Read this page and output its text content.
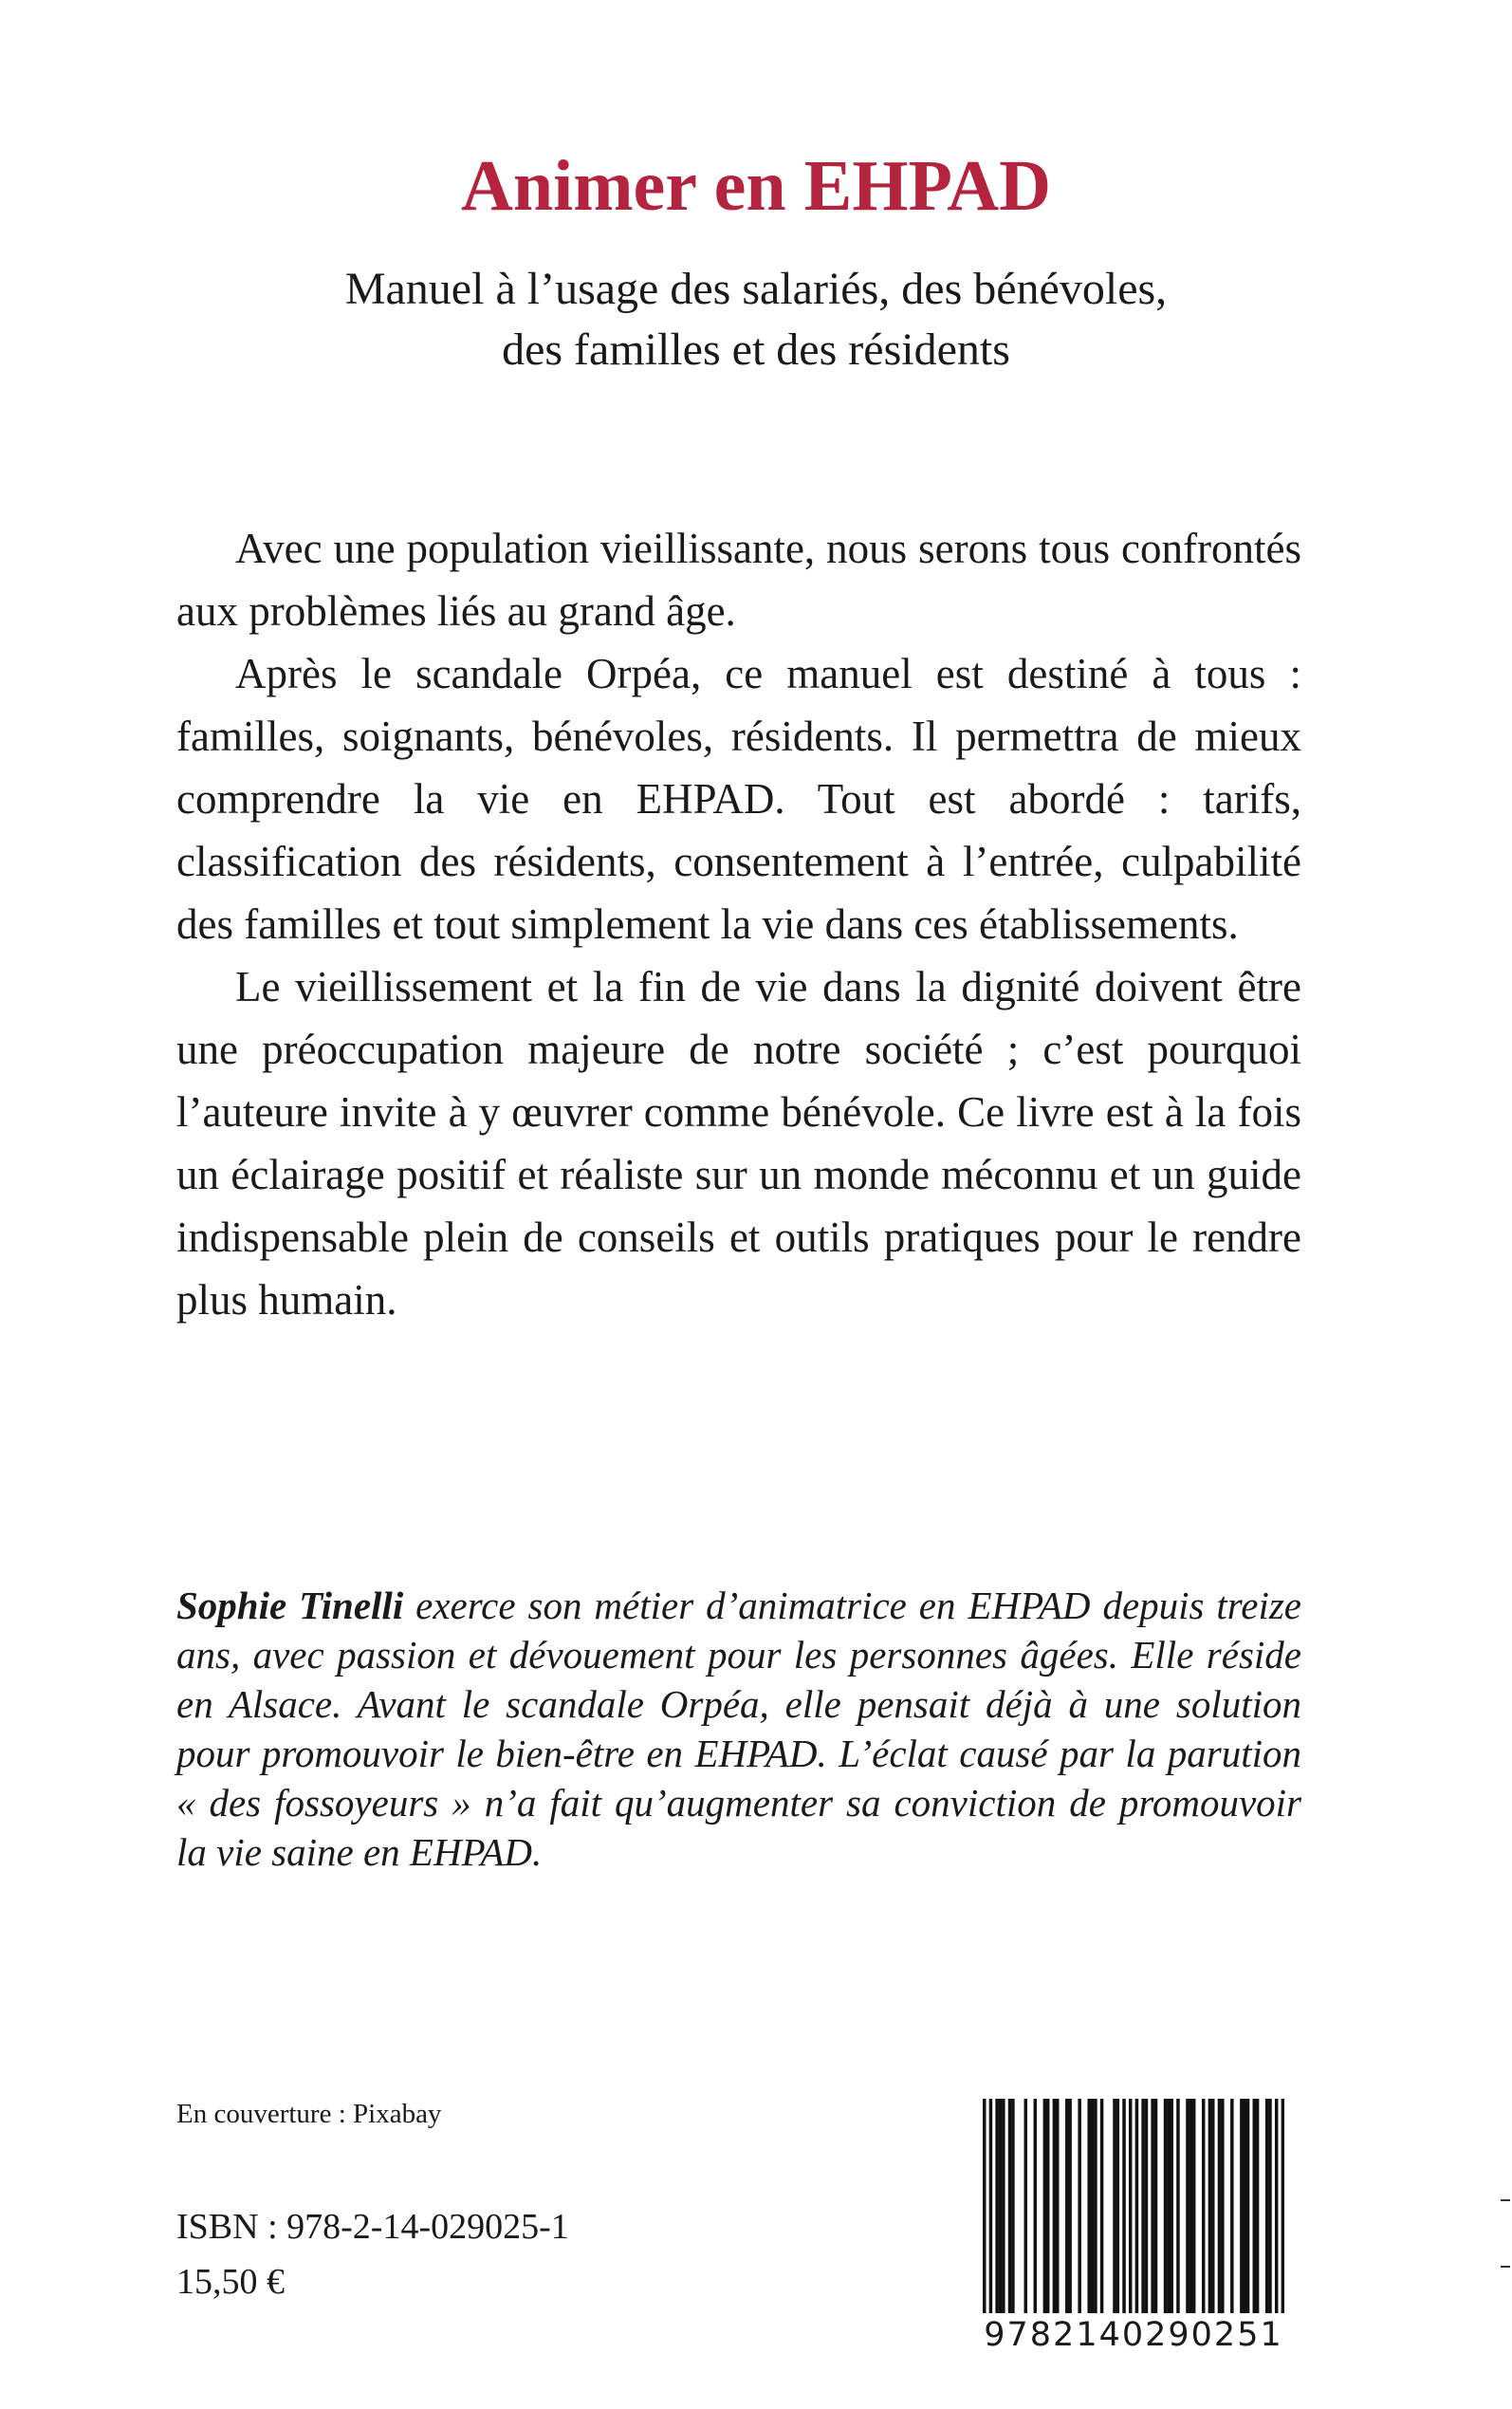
Animer en EHPAD
Manuel à l’usage des salariés, des bénévoles,
des familles et des résidents

Avec une population vieillissante, nous serons tous confrontés aux problèmes liés au grand âge.

Après le scandale Orpéa, ce manuel est destiné à tous : familles, soignants, bénévoles, résidents. Il permettra de mieux comprendre la vie en EHPAD. Tout est abordé : tarifs, classification des résidents, consentement à l’entrée, culpabilité des familles et tout simplement la vie dans ces établissements.

Le vieillissement et la fin de vie dans la dignité doivent être une préoccupation majeure de notre société ; c’est pourquoi l’auteure invite à y œuvrer comme bénévole. Ce livre est à la fois un éclairage positif et réaliste sur un monde méconnu et un guide indispensable plein de conseils et outils pratiques pour le rendre plus humain.

Sophie Tinelli exerce son métier d’animatrice en EHPAD depuis treize ans, avec passion et dévouement pour les personnes âgées. Elle réside en Alsace. Avant le scandale Orpéa, elle pensait déjà à une solution pour promouvoir le bien-être en EHPAD. L’éclat causé par la parution « des fossoyeurs » n’a fait qu’augmenter sa conviction de promouvoir la vie saine en EHPAD.

En couverture : Pixabay

ISBN : 978-2-14-029025-1

15,50 €

9782140290251
